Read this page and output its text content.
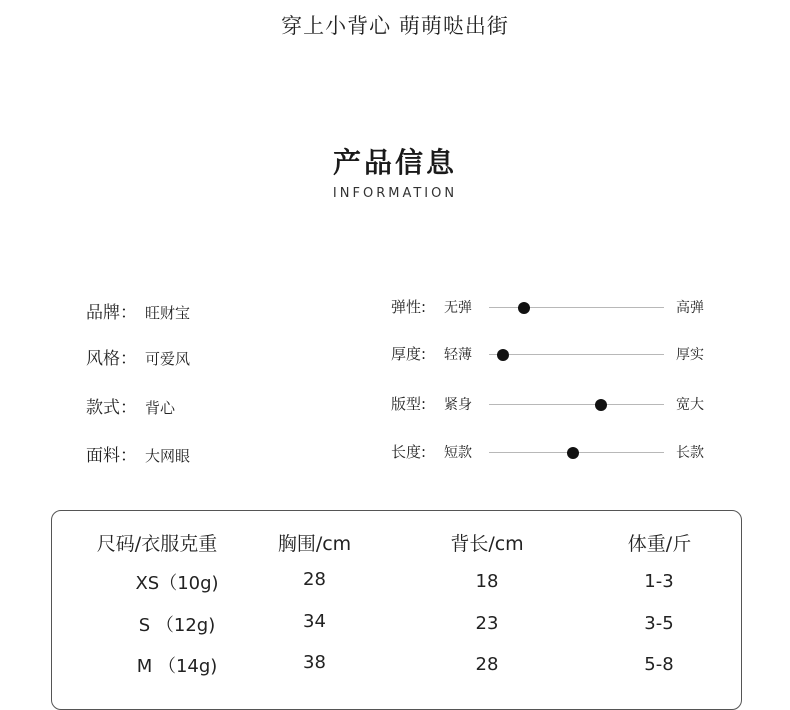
穿上小背心 萌萌哒出街
产品信息
INFORMATION
品牌： 旺财宝
风格： 可爱风
款式： 背心
面料： 大网眼
弹性: 无弹	高弹
厚度: 轻薄	厚实
版型: 紧身	宽大
长度: 短款	长款
尺码/衣服克重	胸围/cm	背长/cm	体重/斤
XS（10g)	28	18	1-3
S （12g)	34	23	3-5
M （14g)	38	28	5-8
